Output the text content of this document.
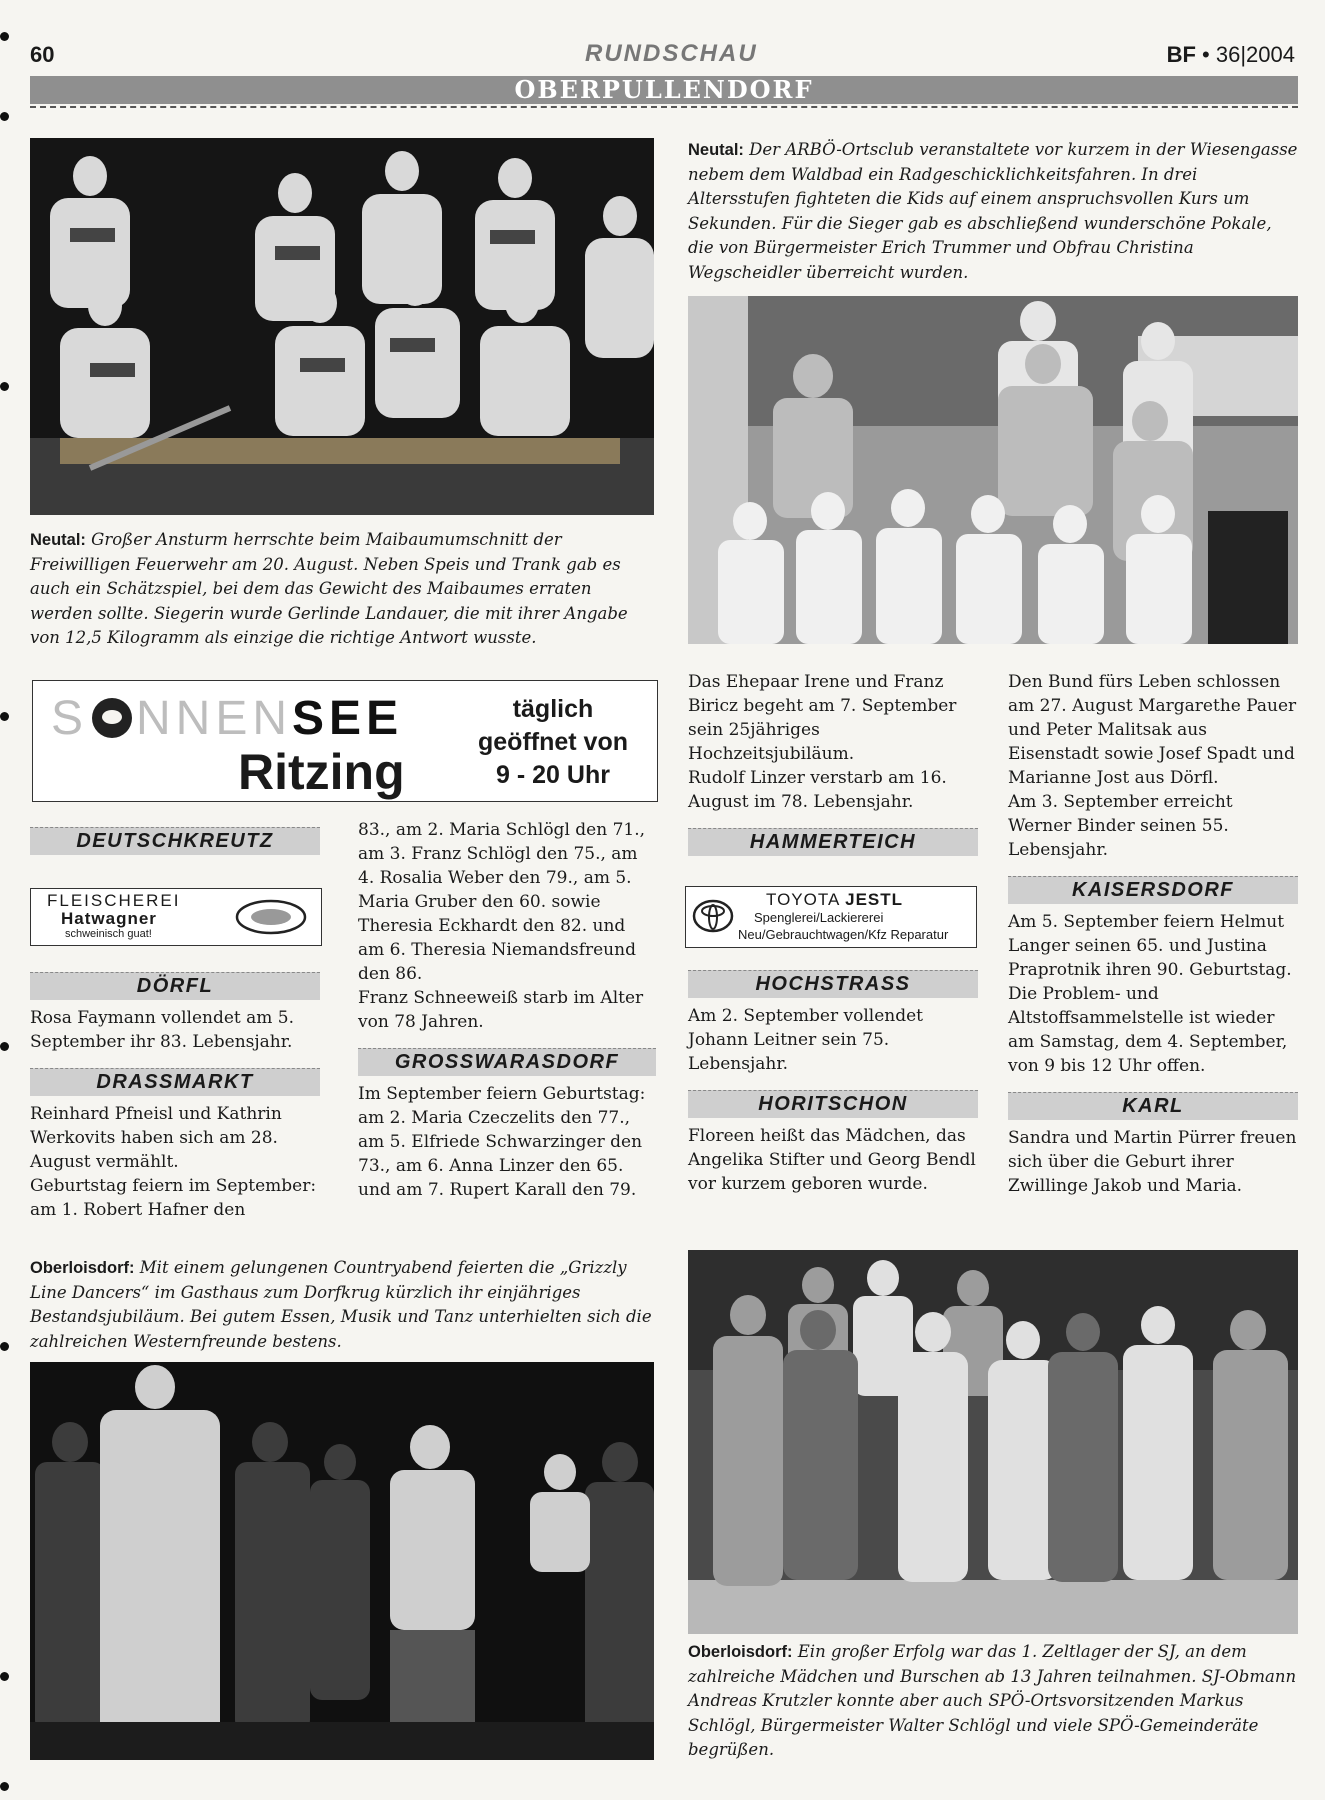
60	RUNDSCHAU	BF • 36|2004
OBERPULLENDORF
Neutal: Großer Ansturm herrschte beim Maibaumumschnitt der Freiwilligen Feuerwehr am 20. August. Neben Speis und Trank gab es auch ein Schätzspiel, bei dem das Gewicht des Maibaumes erraten werden sollte. Siegerin wurde Gerlinde Landauer, die mit ihrer Angabe von 12,5 Kilogramm als einzige die richtige Antwort wusste.
Neutal: Der ARBÖ-Ortsclub veranstaltete vor kurzem in der Wiesengasse nebem dem Waldbad ein Radgeschicklichkeitsfahren. In drei Altersstufen fighteten die Kids auf einem anspruchsvollen Kurs um Sekunden. Für die Sieger gab es abschließend wunderschöne Pokale, die von Bürgermeister Erich Trummer und Obfrau Christina Wegscheidler überreicht wurden.
S NNENSEE
Ritzing
täglich
geöffnet von
9 - 20 Uhr
DEUTSCHKREUTZ
FLEISCHEREI
Hatwagner
schweinisch guat!
DÖRFL

Rosa Faymann vollendet am 5. September ihr 83. Lebensjahr.

DRASSMARKT

Reinhard Pfneisl und Kathrin Werkovits haben sich am 28. August vermählt.

Geburtstag feiern im September: am 1. Robert Hafner den

83., am 2. Maria Schlögl den 71., am 3. Franz Schlögl den 75., am 4. Rosalia Weber den 79., am 5. Maria Gruber den 60. sowie Theresia Eckhardt den 82. und am 6. Theresia Niemandsfreund den 86.

Franz Schneeweiß starb im Alter von 78 Jahren.

GROSSWARASDORF

Im September feiern Geburtstag: am 2. Maria Czeczelits den 77., am 5. Elfriede Schwarzinger den 73., am 6. Anna Linzer den 65. und am 7. Rupert Karall den 79.

Das Ehepaar Irene und Franz Biricz begeht am 7. September sein 25jähriges Hochzeitsjubiläum.

Rudolf Linzer verstarb am 16. August im 78. Lebensjahr.

HAMMERTEICH
TOYOTA JESTL
Spenglerei/Lackiererei
Neu/Gebrauchtwagen/Kfz Reparatur
HOCHSTRASS

Am 2. September vollendet Johann Leitner sein 75. Lebensjahr.

HORITSCHON

Floreen heißt das Mädchen, das Angelika Stifter und Georg Bendl vor kurzem geboren wurde.

Den Bund fürs Leben schlossen am 27. August Margarethe Pauer und Peter Malitsak aus Eisenstadt sowie Josef Spadt und Marianne Jost aus Dörfl.

Am 3. September erreicht Werner Binder seinen 55. Lebensjahr.

KAISERSDORF

Am 5. September feiern Helmut Langer seinen 65. und Justina Praprotnik ihren 90. Geburtstag.

Die Problem- und Altstoffsammelstelle ist wieder am Samstag, dem 4. September, von 9 bis 12 Uhr offen.

KARL

Sandra und Martin Pürrer freuen sich über die Geburt ihrer Zwillinge Jakob und Maria.

Oberloisdorf: Mit einem gelungenen Countryabend feierten die „Grizzly Line Dancers“ im Gasthaus zum Dorfkrug kürzlich ihr einjähriges Bestandsjubiläum. Bei gutem Essen, Musik und Tanz unterhielten sich die zahlreichen Westernfreunde bestens.
Oberloisdorf: Ein großer Erfolg war das 1. Zeltlager der SJ, an dem zahlreiche Mädchen und Burschen ab 13 Jahren teilnahmen. SJ-Obmann Andreas Krutzler konnte aber auch SPÖ-Ortsvorsitzenden Markus Schlögl, Bürgermeister Walter Schlögl und viele SPÖ-Gemeinderäte begrüßen.
